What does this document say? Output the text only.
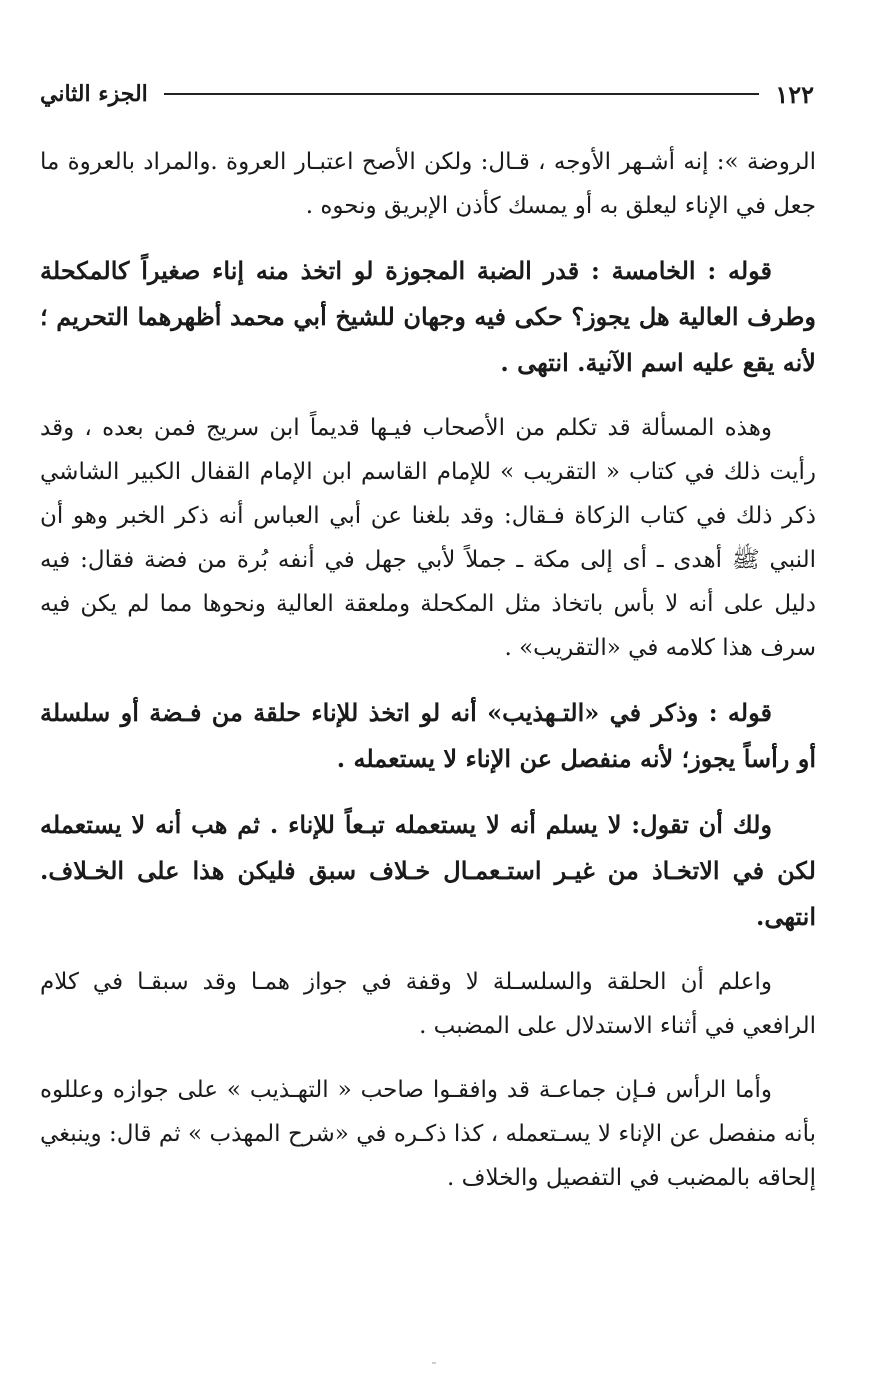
١٢٢
الجزء الثاني

الروضة »: إنه أشـهر الأوجه ، قـال: ولكن الأصح اعتبـار العروة .والمراد بالعروة ما جعل في الإناء ليعلق به أو يمسك كأذن الإبريق ونحوه .

قوله : الخامسة : قدر الضبة المجوزة لو اتخذ منه إناء صغيراً كالمكحلة وطرف العالية هل يجوز؟ حكى فيه وجهان للشيخ أبي محمد أظهرهما التحريم ؛ لأنه يقع عليه اسم الآنية. انتهى .

وهذه المسألة قد تكلم من الأصحاب فيـها قديماً ابن سريج فمن بعده ، وقد رأيت ذلك في كتاب « التقريب » للإمام القاسم ابن الإمام القفال الكبير الشاشي ذكر ذلك في كتاب الزكاة فـقال: وقد بلغنا عن أبي العباس أنه ذكر الخبر وهو أن النبي ﷺ أهدى ـ أى إلى مكة ـ جملاً لأبي جهل في أنفه بُرة من فضة فقال: فيه دليل على أنه لا بأس باتخاذ مثل المكحلة وملعقة العالية ونحوها مما لم يكن فيه سرف هذا كلامه في «التقريب» .

قوله : وذكر في «التـهذيب» أنه لو اتخذ للإناء حلقة من فـضة أو سلسلة أو رأساً يجوز؛ لأنه منفصل عن الإناء لا يستعمله .

ولك أن تقول: لا يسلم أنه لا يستعمله تبـعاً للإناء . ثم هب أنه لا يستعمله لكن في الاتخـاذ من غيـر استـعمـال خـلاف سبق فليكن هذا على الخـلاف. انتهى.

واعلم أن الحلقة والسلسـلة لا وقفة في جواز همـا وقد سبقـا في كلام الرافعي في أثناء الاستدلال على المضبب .

وأما الرأس فـإن جماعـة قد وافقـوا صاحب « التهـذيب » على جوازه وعللوه بأنه منفصل عن الإناء لا يسـتعمله ، كذا ذكـره في «شرح المهذب » ثم قال: وينبغي إلحاقه بالمضبب في التفصيل والخلاف .
